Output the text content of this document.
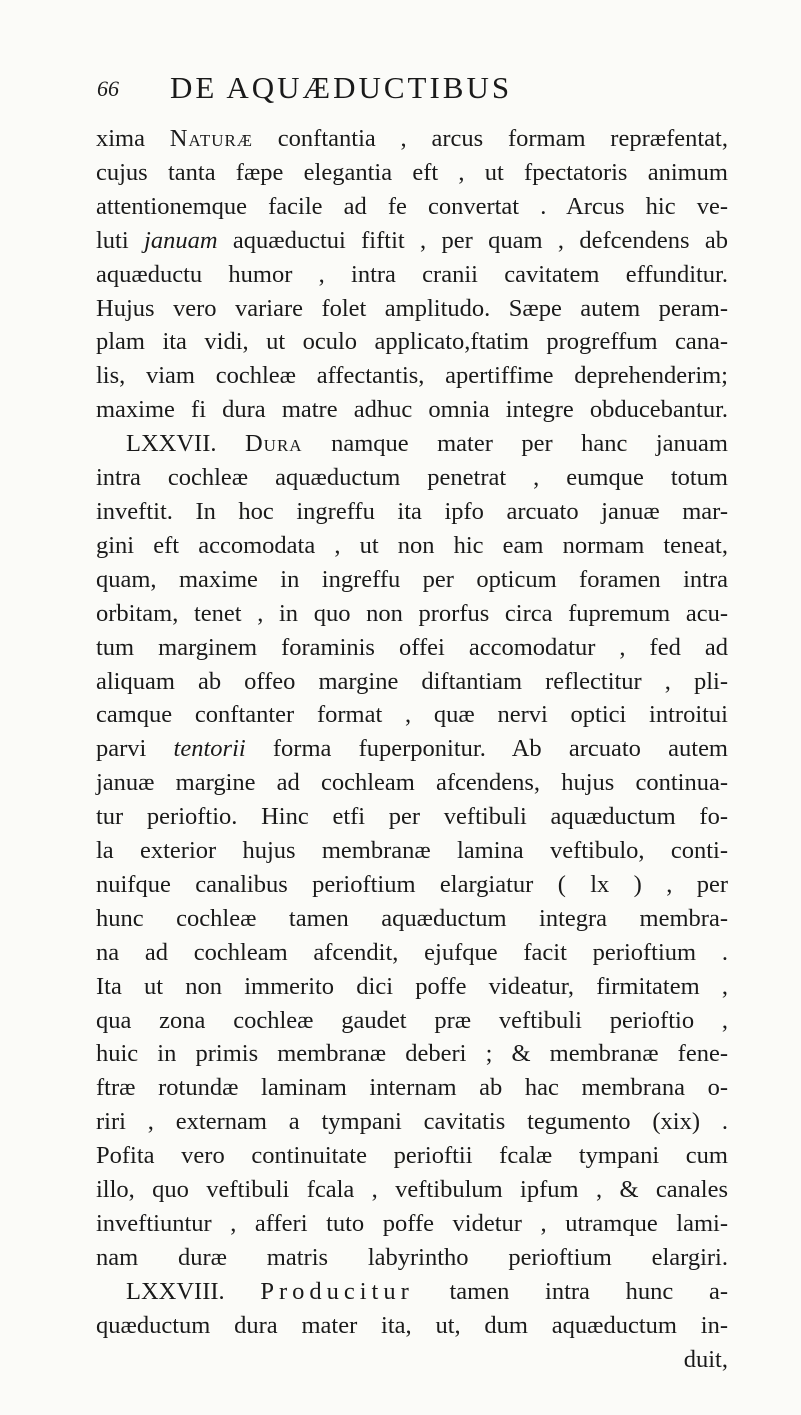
66 DE AQUÆDUCTIBUS
xima Naturæ conftantia , arcus formam repræfentat,
cujus tanta fæpe elegantia eft , ut fpectatoris animum
attentionemque facile ad fe convertat . Arcus hic ve-
luti januam aquæductui fiftit , per quam , defcendens ab
aquæductu humor , intra cranii cavitatem effunditur.
Hujus vero variare folet amplitudo. Sæpe autem peram-
plam ita vidi, ut oculo applicato,ftatim progreffum cana-
lis, viam cochleæ affectantis, apertiffime deprehenderim;
maxime fi dura matre adhuc omnia integre obducebantur.
LXXVII. Dura namque mater per hanc januam
intra cochleæ aquæductum penetrat , eumque totum
inveftit. In hoc ingreffu ita ipfo arcuato januæ mar-
gini eft accomodata , ut non hic eam normam teneat,
quam, maxime in ingreffu per opticum foramen intra
orbitam, tenet , in quo non prorfus circa fupremum acu-
tum marginem foraminis offei accomodatur , fed ad
aliquam ab offeo margine diftantiam reflectitur , pli-
camque conftanter format , quæ nervi optici introitui
parvi tentorii forma fuperponitur. Ab arcuato autem
januæ margine ad cochleam afcendens, hujus continua-
tur perioftio. Hinc etfi per veftibuli aquæductum fo-
la exterior hujus membranæ lamina veftibulo, conti-
nuifque canalibus perioftium elargiatur ( lx ) , per
hunc cochleæ tamen aquæductum integra membra-
na ad cochleam afcendit, ejufque facit perioftium .
Ita ut non immerito dici poffe videatur, firmitatem ,
qua zona cochleæ gaudet præ veftibuli perioftio ,
huic in primis membranæ deberi ; & membranæ fene-
ftræ rotundæ laminam internam ab hac membrana o-
riri , externam a tympani cavitatis tegumento (xix) .
Pofita vero continuitate perioftii fcalæ tympani cum
illo, quo veftibuli fcala , veftibulum ipfum , & canales
inveftiuntur , afferi tuto poffe videtur , utramque lami-
nam duræ matris labyrintho perioftium elargiri.
LXXVIII. Producitur tamen intra hunc a-
quæductum dura mater ita, ut, dum aquæductum in-
duit,
